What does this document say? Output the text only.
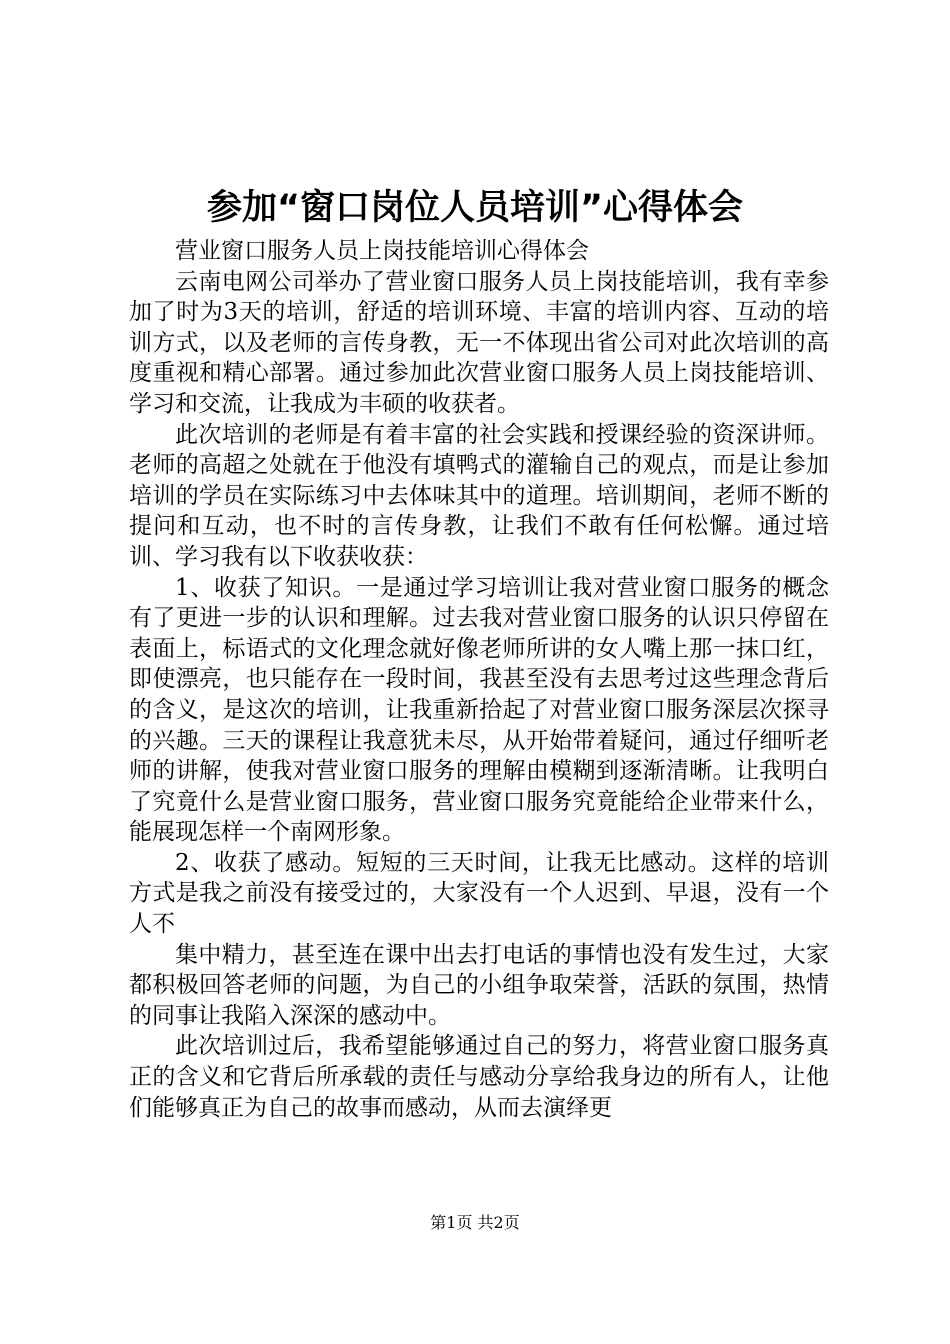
参加“窗口岗位人员培训”心得体会

营业窗口服务人员上岗技能培训心得体会

云南电网公司举办了营业窗口服务人员上岗技能培训，我有幸参加了时为3天的培训，舒适的培训环境、丰富的培训内容、互动的培训方式，以及老师的言传身教，无一不体现出省公司对此次培训的高度重视和精心部署。通过参加此次营业窗口服务人员上岗技能培训、学习和交流，让我成为丰硕的收获者。

此次培训的老师是有着丰富的社会实践和授课经验的资深讲师。老师的高超之处就在于他没有填鸭式的灌输自己的观点，而是让参加培训的学员在实际练习中去体味其中的道理。培训期间，老师不断的提问和互动，也不时的言传身教，让我们不敢有任何松懈。通过培训、学习我有以下收获收获：

1、收获了知识。一是通过学习培训让我对营业窗口服务的概念有了更进一步的认识和理解。过去我对营业窗口服务的认识只停留在表面上，标语式的文化理念就好像老师所讲的女人嘴上那一抹口红，即使漂亮，也只能存在一段时间，我甚至没有去思考过这些理念背后的含义，是这次的培训，让我重新拾起了对营业窗口服务深层次探寻的兴趣。三天的课程让我意犹未尽，从开始带着疑问，通过仔细听老师的讲解，使我对营业窗口服务的理解由模糊到逐渐清晰。让我明白了究竟什么是营业窗口服务，营业窗口服务究竟能给企业带来什么，能展现怎样一个南网形象。

2、收获了感动。短短的三天时间，让我无比感动。这样的培训方式是我之前没有接受过的，大家没有一个人迟到、早退，没有一个人不

集中精力，甚至连在课中出去打电话的事情也没有发生过，大家都积极回答老师的问题，为自己的小组争取荣誉，活跃的氛围，热情的同事让我陷入深深的感动中。

此次培训过后，我希望能够通过自己的努力，将营业窗口服务真正的含义和它背后所承载的责任与感动分享给我身边的所有人，让他们能够真正为自己的故事而感动，从而去演绎更

第1页 共2页
